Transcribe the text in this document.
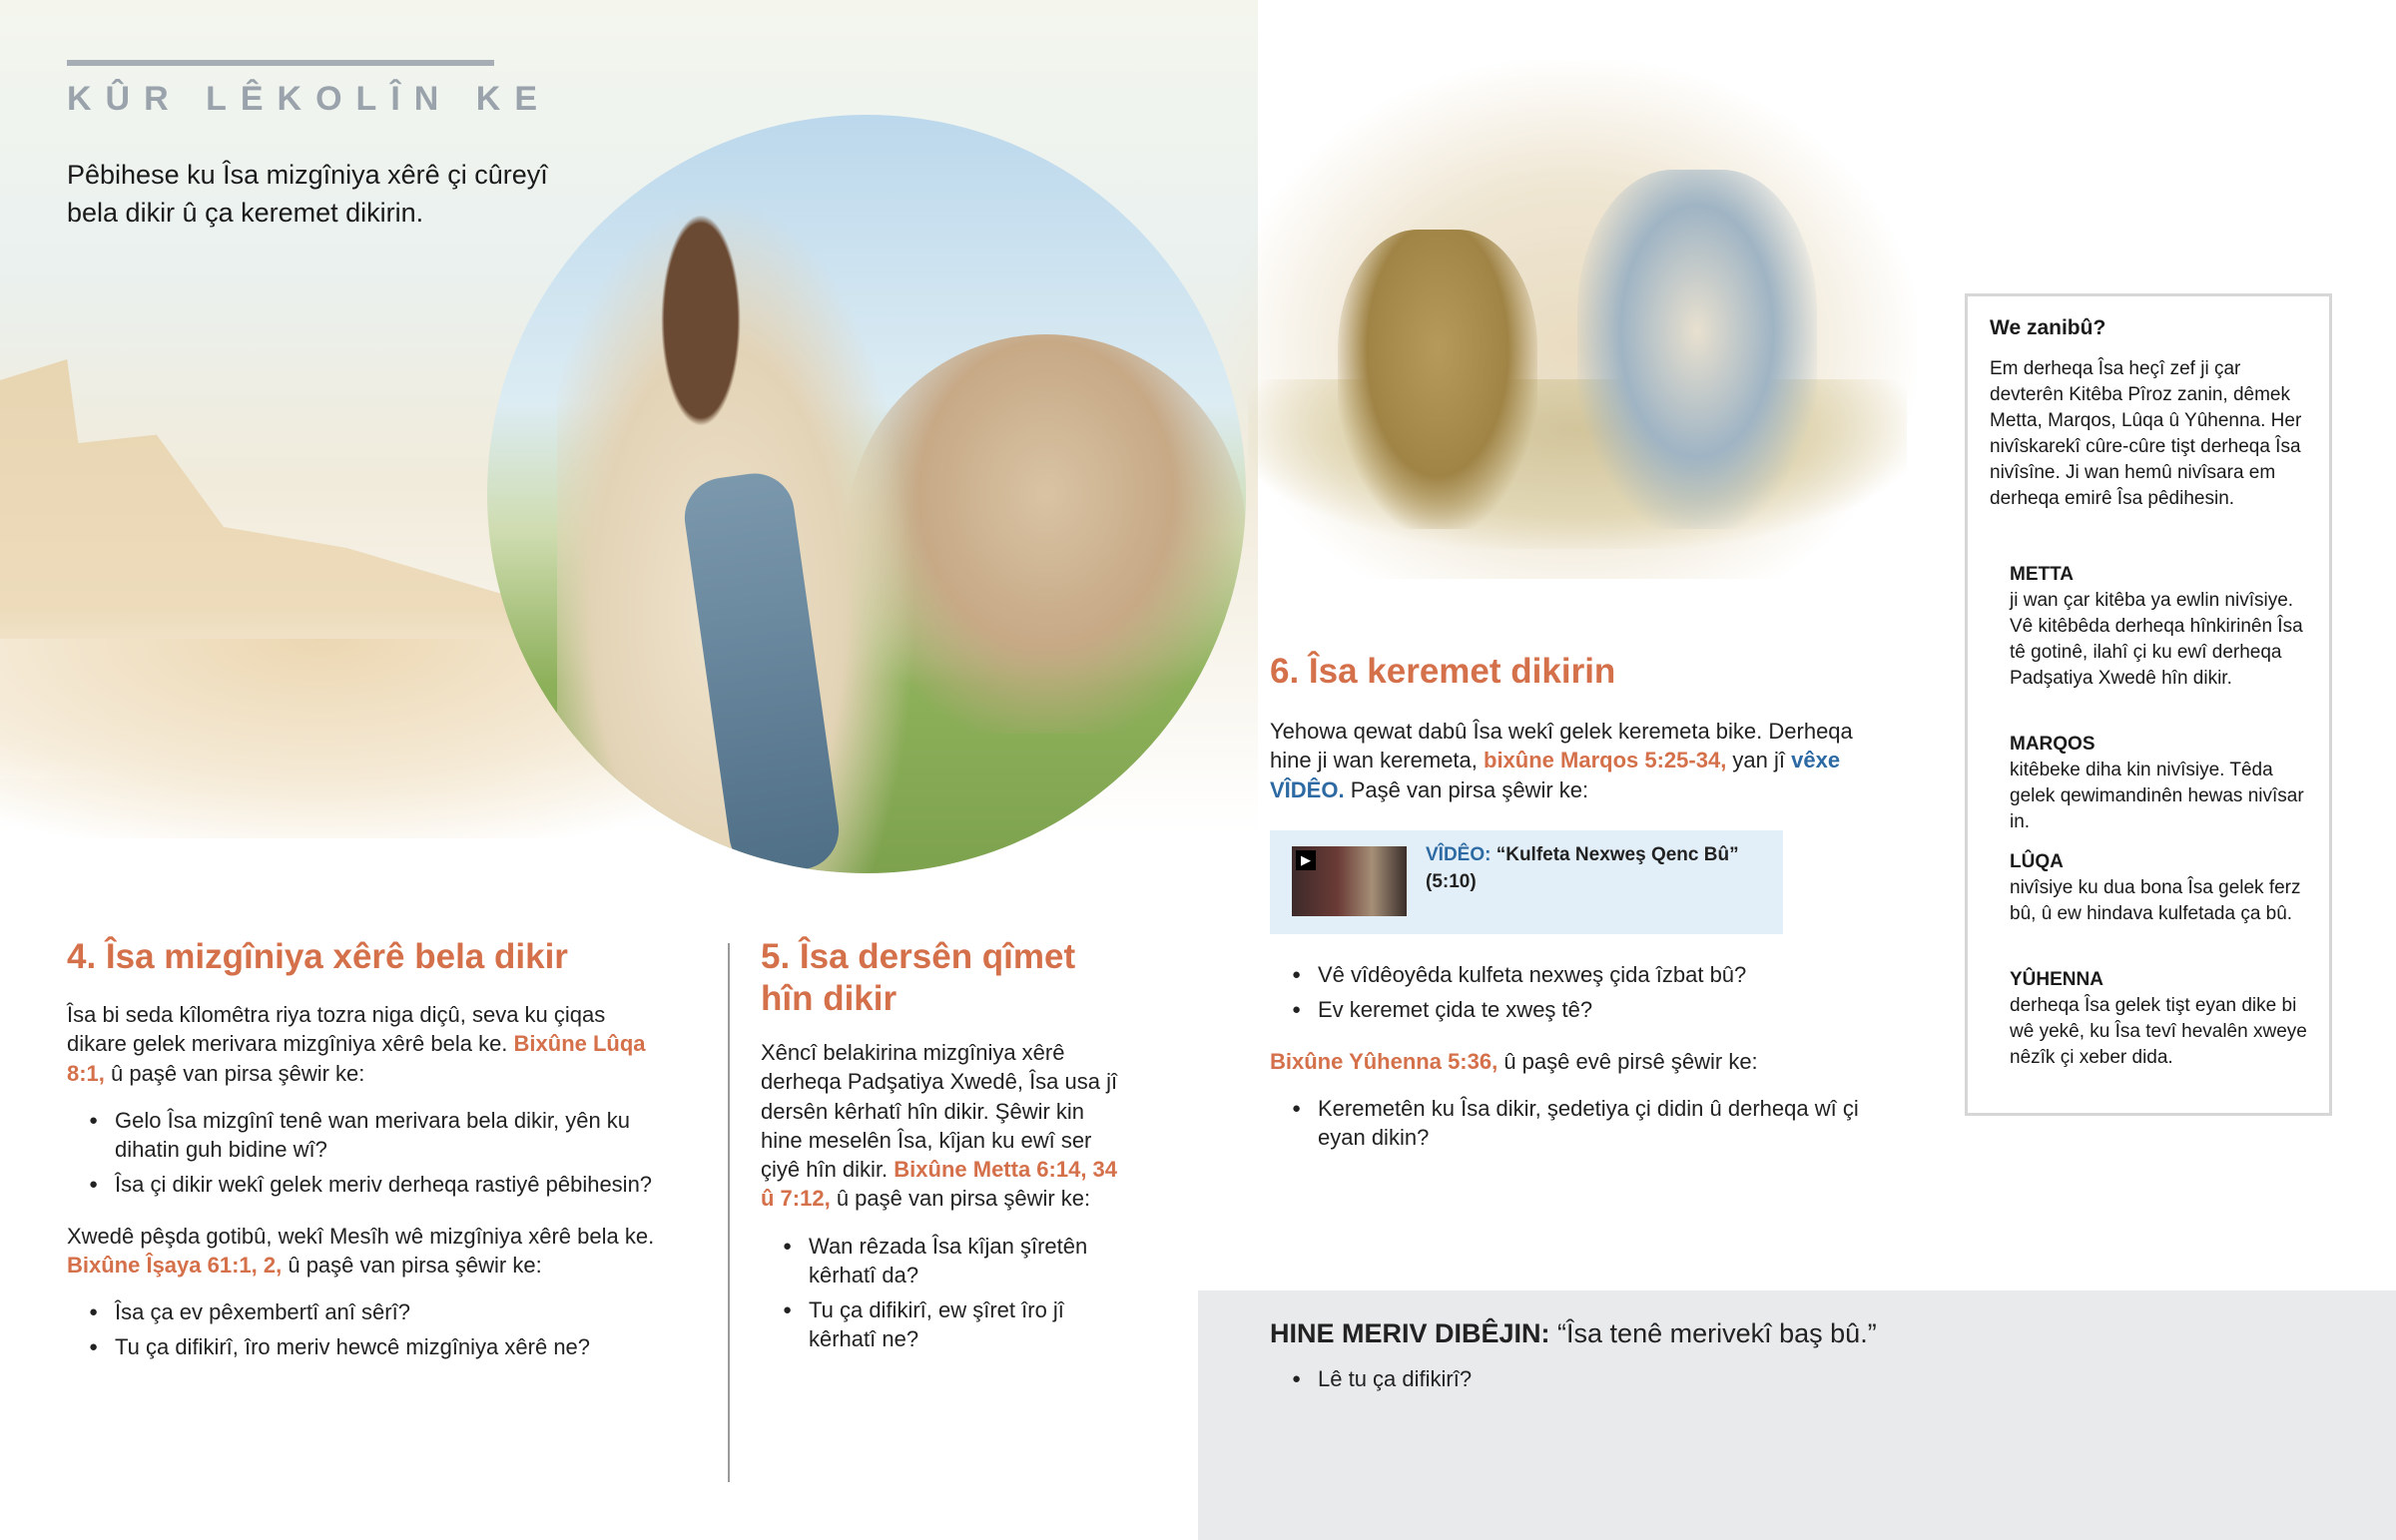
KÛR LÊKOLÎN KE
Pêbihese ku Îsa mizgîniya xêrê çi cûreyî bela dikir û ça keremet dikirin.
4. Îsa mizgîniya xêrê bela dikir

Îsa bi seda kîlomêtra riya tozra niga diçû, seva ku çiqas dikare gelek merivara mizgîniya xêrê bela ke. Bixûne Lûqa 8:1, û paşê van pirsa şêwir ke:

● Gelo Îsa mizgînî tenê wan merivara bela dikir, yên ku dihatin guh bidine wî?
● Îsa çi dikir wekî gelek meriv derheqa rastiyê pêbihesin?

Xwedê pêşda gotibû, wekî Mesîh wê mizgîniya xêrê bela ke. Bixûne Îşaya 61:1, 2, û paşê van pirsa şêwir ke:

● Îsa ça ev pêxembertî anî sêrî?
● Tu ça difikirî, îro meriv hewcê mizgîniya xêrê ne?
5. Îsa dersên qîmet hîn dikir

Xêncî belakirina mizgîniya xêrê derheqa Padşatiya Xwedê, Îsa usa jî dersên kêrhatî hîn dikir. Şêwir kin hine meselên Îsa, kîjan ku ewî ser çiyê hîn dikir. Bixûne Metta 6:14, 34 û 7:12, û paşê van pirsa şêwir ke:

● Wan rêzada Îsa kîjan şîretên kêrhatî da?
● Tu ça difikirî, ew şîret îro jî kêrhatî ne?
6. Îsa keremet dikirin

Yehowa qewat dabû Îsa wekî gelek keremeta bike. Derheqa hine ji wan keremeta, bixûne Marqos 5:25-34, yan jî vêxe VÎDÊO. Paşê van pirsa şêwir ke:

▶	VÎDÊO: “Kulfeta Nexweş Qenc Bû”
(5:10)
● Vê vîdêoyêda kulfeta nexweş çida îzbat bû?
● Ev keremet çida te xweş tê?

Bixûne Yûhenna 5:36, û paşê evê pirsê şêwir ke:

● Keremetên ku Îsa dikir, şedetiya çi didin û derheqa wî çi eyan dikin?
We zanibû?
Em derheqa Îsa heçî zef ji çar devterên Kitêba Pîroz zanin, dêmek Metta, Marqos, Lûqa û Yûhenna. Her nivîskarekî cûre-cûre tişt derheqa Îsa nivîsîne. Ji wan hemû nivîsara em derheqa emirê Îsa pêdihesin.
METTA
ji wan çar kitêba ya ewlin nivîsiye. Vê kitêbêda derheqa hînkirinên Îsa tê gotinê, ilahî çi ku ewî derheqa Padşatiya Xwedê hîn dikir.
MARQOS
kitêbeke diha kin nivîsiye. Têda gelek qewimandinên hewas nivîsar in.
LÛQA
nivîsiye ku dua bona Îsa gelek ferz bû, û ew hindava kulfetada ça bû.
YÛHENNA
derheqa Îsa gelek tişt eyan dike bi wê yekê, ku Îsa tevî hevalên xweye nêzîk çi xeber dida.

HINE MERIV DIBÊJIN: “Îsa tenê merivekî baş bû.”

● Lê tu ça difikirî?
